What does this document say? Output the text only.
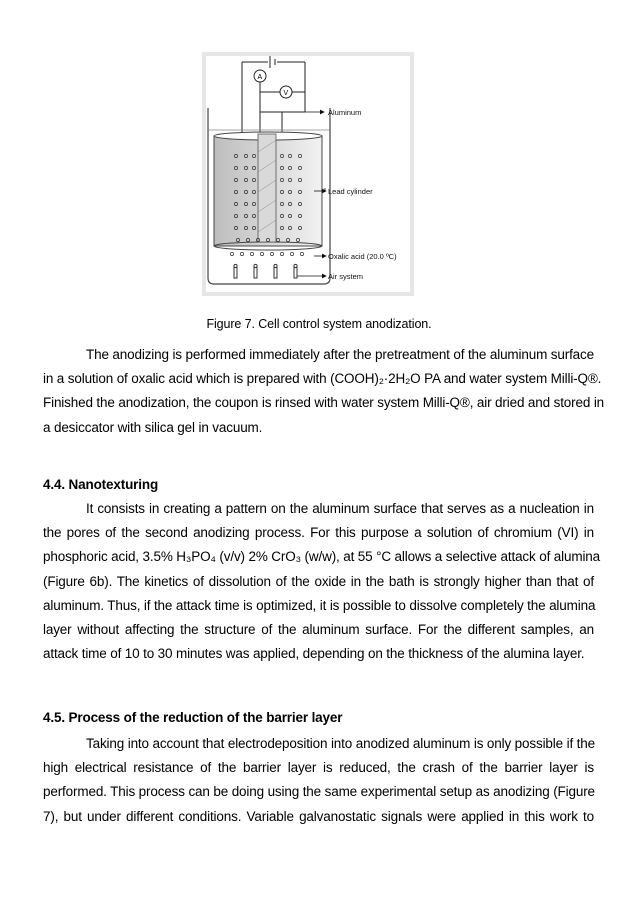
A
V
Aluminum
Lead cylinder
Oxalic acid (20.0 ºC)
Air system
Figure 7. Cell control system anodization.
The anodizing is performed immediately after the pretreatment of the aluminum surface
in a solution of oxalic acid which is prepared with (COOH)₂·2H₂O PA and water system Milli-Q®.
Finished the anodization, the coupon is rinsed with water system Milli-Q®, air dried and stored in
a desiccator with silica gel in vacuum.
4.4. Nanotexturing
It consists in creating a pattern on the aluminum surface that serves as a nucleation in
the pores of the second anodizing process. For this purpose a solution of chromium (VI) in
phosphoric acid, 3.5% H₃PO₄ (v/v) 2% CrO₃ (w/w), at 55 °C allows a selective attack of alumina
(Figure 6b). The kinetics of dissolution of the oxide in the bath is strongly higher than that of
aluminum. Thus, if the attack time is optimized, it is possible to dissolve completely the alumina
layer without affecting the structure of the aluminum surface. For the different samples, an
attack time of 10 to 30 minutes was applied, depending on the thickness of the alumina layer.
4.5. Process of the reduction of the barrier layer
Taking into account that electrodeposition into anodized aluminum is only possible if the
high electrical resistance of the barrier layer is reduced, the crash of the barrier layer is
performed. This process can be doing using the same experimental setup as anodizing (Figure
7), but under different conditions. Variable galvanostatic signals were applied in this work to
